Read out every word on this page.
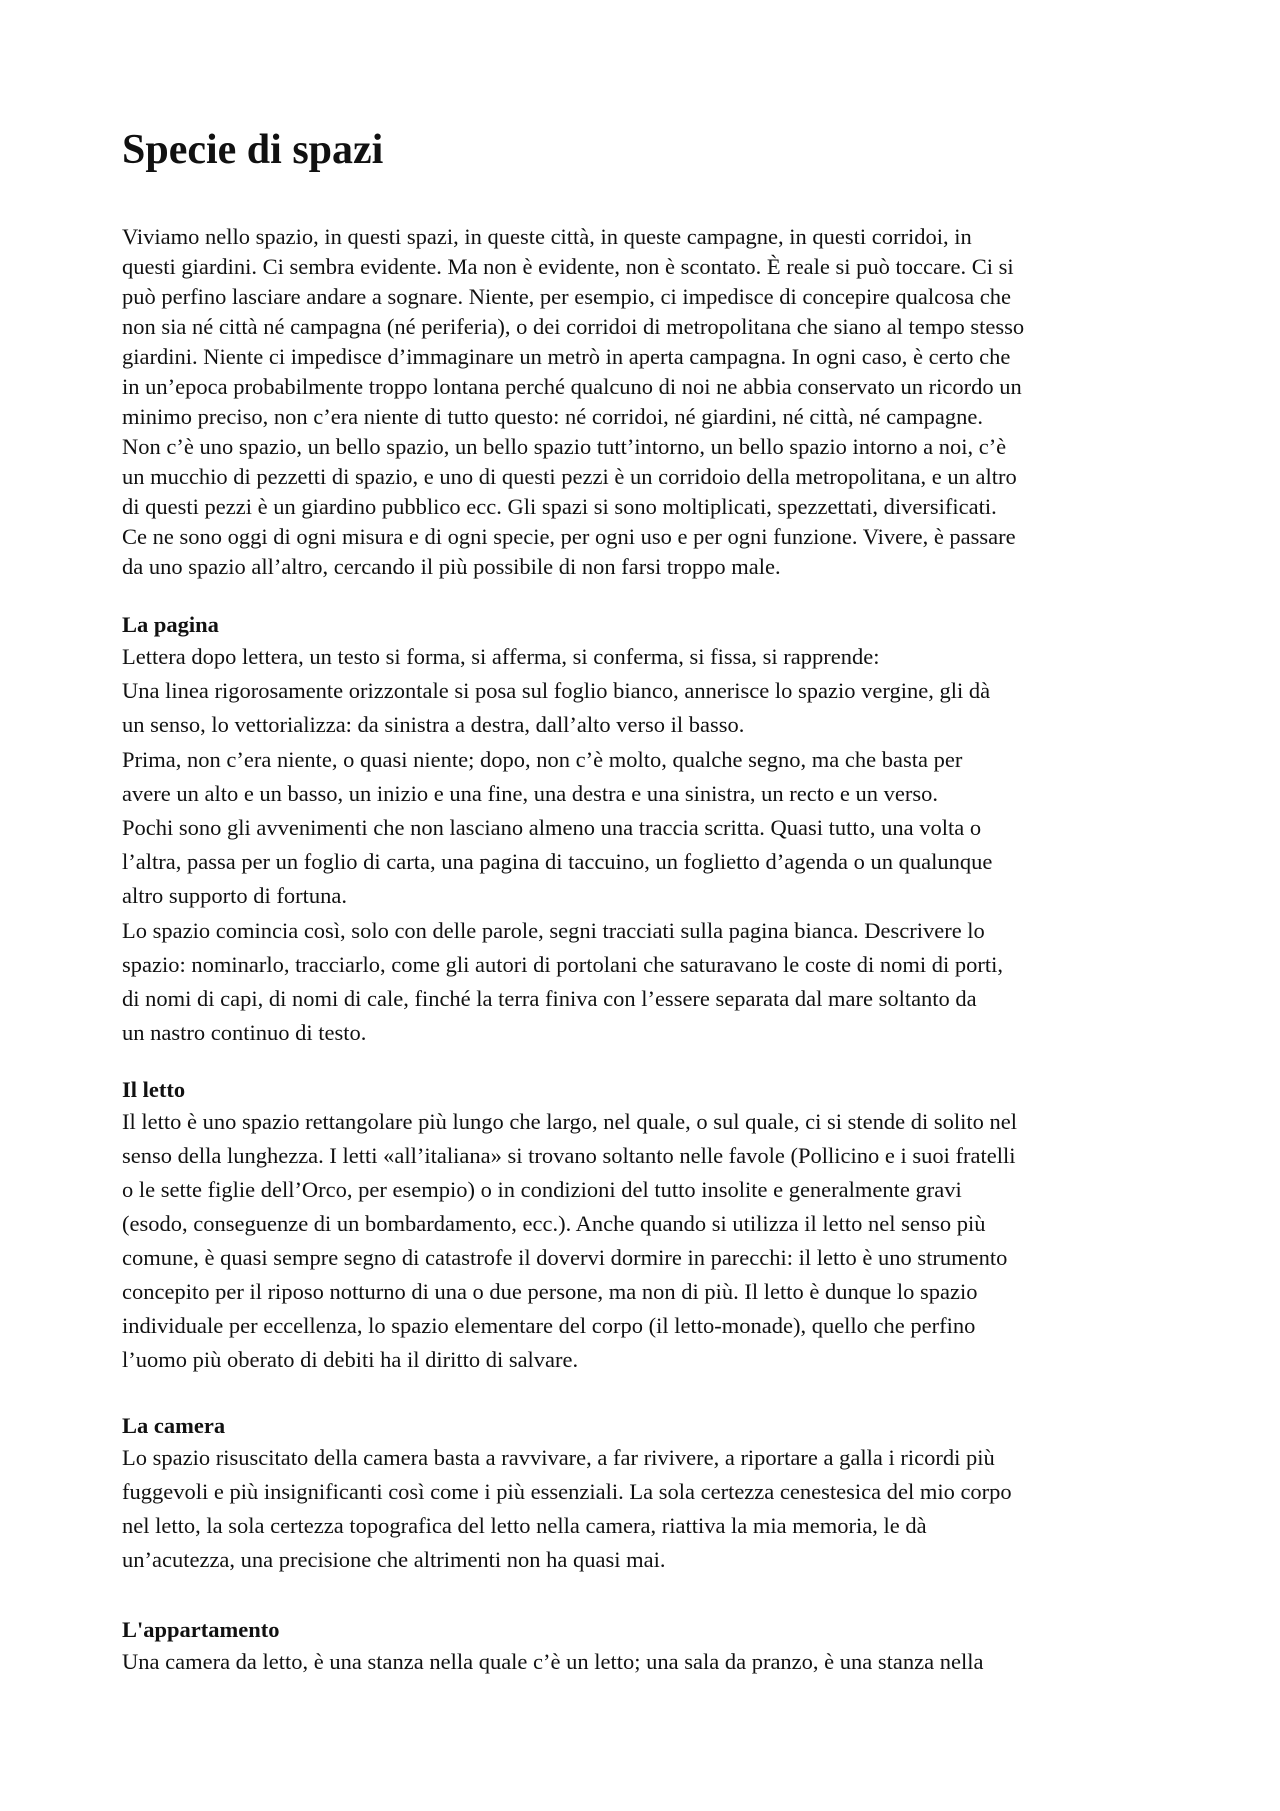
Specie di spazi

Viviamo nello spazio, in questi spazi, in queste città, in queste campagne, in questi corridoi, in
questi giardini. Ci sembra evidente. Ma non è evidente, non è scontato. È reale si può toccare. Ci si
può perfino lasciare andare a sognare. Niente, per esempio, ci impedisce di concepire qualcosa che
non sia né città né campagna (né periferia), o dei corridoi di metropolitana che siano al tempo stesso
giardini. Niente ci impedisce d’immaginare un metrò in aperta campagna. In ogni caso, è certo che
in un’epoca probabilmente troppo lontana perché qualcuno di noi ne abbia conservato un ricordo un
minimo preciso, non c’era niente di tutto questo: né corridoi, né giardini, né città, né campagne.
Non c’è uno spazio, un bello spazio, un bello spazio tutt’intorno, un bello spazio intorno a noi, c’è
un mucchio di pezzetti di spazio, e uno di questi pezzi è un corridoio della metropolitana, e un altro
di questi pezzi è un giardino pubblico ecc. Gli spazi si sono moltiplicati, spezzettati, diversificati.
Ce ne sono oggi di ogni misura e di ogni specie, per ogni uso e per ogni funzione. Vivere, è passare
da uno spazio all’altro, cercando il più possibile di non farsi troppo male.

La pagina

Lettera dopo lettera, un testo si forma, si afferma, si conferma, si fissa, si rapprende:
Una linea rigorosamente orizzontale si posa sul foglio bianco, annerisce lo spazio vergine, gli dà
un senso, lo vettorializza: da sinistra a destra, dall’alto verso il basso.
Prima, non c’era niente, o quasi niente; dopo, non c’è molto, qualche segno, ma che basta per
avere un alto e un basso, un inizio e una fine, una destra e una sinistra, un recto e un verso.
Pochi sono gli avvenimenti che non lasciano almeno una traccia scritta. Quasi tutto, una volta o
l’altra, passa per un foglio di carta, una pagina di taccuino, un foglietto d’agenda o un qualunque
altro supporto di fortuna.
Lo spazio comincia così, solo con delle parole, segni tracciati sulla pagina bianca. Descrivere lo
spazio: nominarlo, tracciarlo, come gli autori di portolani che saturavano le coste di nomi di porti,
di nomi di capi, di nomi di cale, finché la terra finiva con l’essere separata dal mare soltanto da
un nastro continuo di testo.

Il letto

Il letto è uno spazio rettangolare più lungo che largo, nel quale, o sul quale, ci si stende di solito nel
senso della lunghezza. I letti «all’italiana» si trovano soltanto nelle favole (Pollicino e i suoi fratelli
o le sette figlie dell’Orco, per esempio) o in condizioni del tutto insolite e generalmente gravi
(esodo, conseguenze di un bombardamento, ecc.). Anche quando si utilizza il letto nel senso più
comune, è quasi sempre segno di catastrofe il dovervi dormire in parecchi: il letto è uno strumento
concepito per il riposo notturno di una o due persone, ma non di più. Il letto è dunque lo spazio
individuale per eccellenza, lo spazio elementare del corpo (il letto-monade), quello che perfino
l’uomo più oberato di debiti ha il diritto di salvare.

La camera

Lo spazio risuscitato della camera basta a ravvivare, a far rivivere, a riportare a galla i ricordi più
fuggevoli e più insignificanti così come i più essenziali. La sola certezza cenestesica del mio corpo
nel letto, la sola certezza topografica del letto nella camera, riattiva la mia memoria, le dà
un’acutezza, una precisione che altrimenti non ha quasi mai.

L'appartamento

Una camera da letto, è una stanza nella quale c’è un letto; una sala da pranzo, è una stanza nella
